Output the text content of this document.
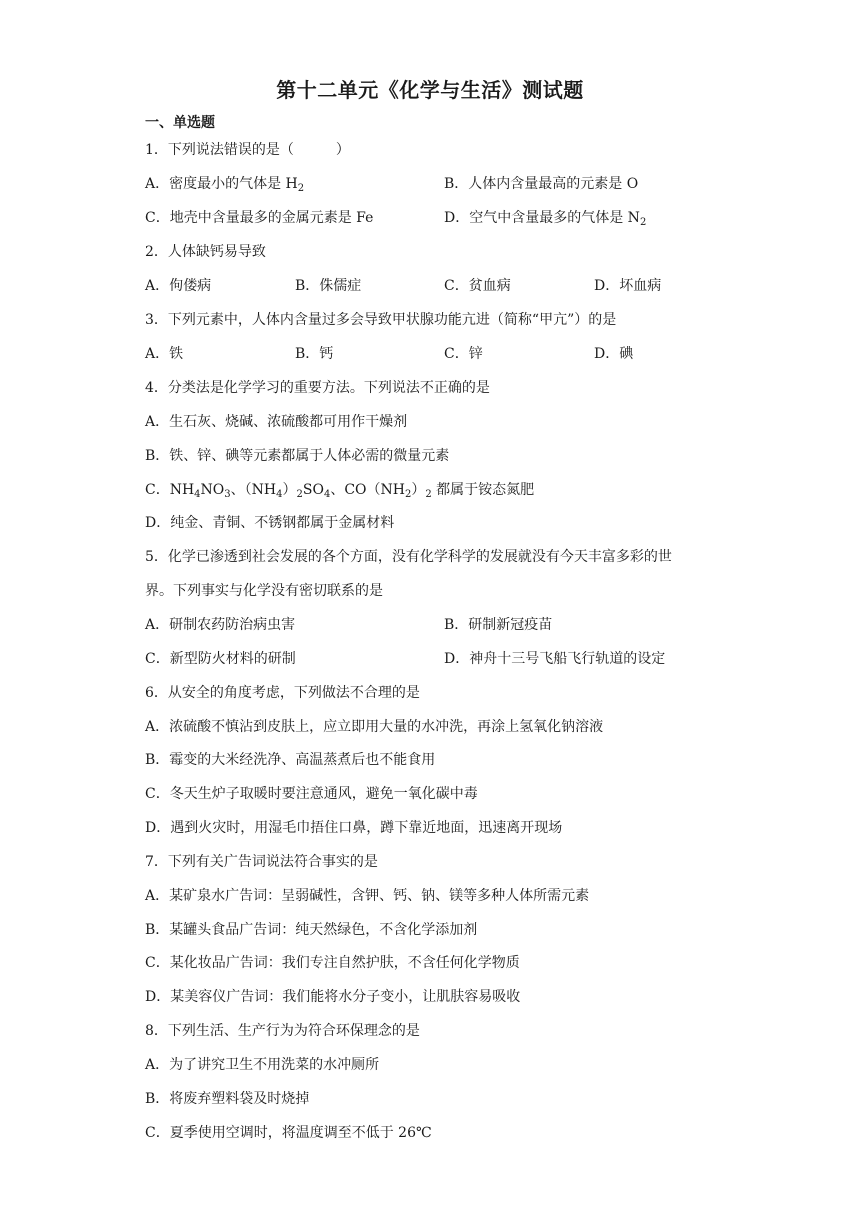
第十二单元《化学与生活》测试题
一、单选题
1．下列说法错误的是（　　　）
A．密度最小的气体是 $H_2$	B．人体内含量最高的元素是 O
C．地壳中含量最多的金属元素是 Fe	D．空气中含量最多的气体是 $N_2$
2．人体缺钙易导致
A．佝偻病	B．侏儒症	C．贫血病	D．坏血病
3．下列元素中，人体内含量过多会导致甲状腺功能亢进（简称“甲亢”）的是
A．铁	B．钙	C．锌	D．碘
4．分类法是化学学习的重要方法。下列说法不正确的是
A．生石灰、烧碱、浓硫酸都可用作干燥剂
B．铁、锌、碘等元素都属于人体必需的微量元素
C．$NH_4NO_3$、$(NH_4)_2SO_4$、$CO(NH_2)_2$ 都属于铵态氮肥
D．纯金、青铜、不锈钢都属于金属材料
5．化学已渗透到社会发展的各个方面，没有化学科学的发展就没有今天丰富多彩的世
界。下列事实与化学没有密切联系的是
A．研制农药防治病虫害	B．研制新冠疫苗
C．新型防火材料的研制	D．神舟十三号飞船飞行轨道的设定
6．从安全的角度考虑，下列做法不合理的是
A．浓硫酸不慎沾到皮肤上，应立即用大量的水冲洗，再涂上氢氧化钠溶液
B．霉变的大米经洗净、高温蒸煮后也不能食用
C．冬天生炉子取暖时要注意通风，避免一氧化碳中毒
D．遇到火灾时，用湿毛巾捂住口鼻，蹲下靠近地面，迅速离开现场
7．下列有关广告词说法符合事实的是
A．某矿泉水广告词：呈弱碱性，含钾、钙、钠、镁等多种人体所需元素
B．某罐头食品广告词：纯天然绿色，不含化学添加剂
C．某化妆品广告词：我们专注自然护肤，不含任何化学物质
D．某美容仪广告词：我们能将水分子变小，让肌肤容易吸收
8．下列生活、生产行为为符合环保理念的是
A．为了讲究卫生不用洗菜的水冲厕所
B．将废弃塑料袋及时烧掉
C．夏季使用空调时，将温度调至不低于 26℃
